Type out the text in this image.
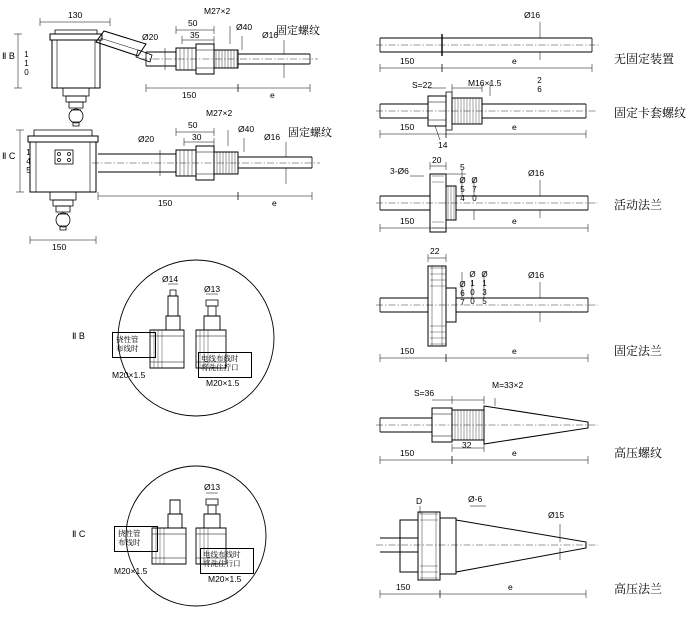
130
Ⅱ B 110
50
35
M27×2
Ø20
Ø40
Ø16
150	e
固定螺纹
Ⅱ C 145
150
50
30
M27×2
Ø20
Ø40
Ø16
150	e
固定螺纹
Ⅱ B
Ø14
Ø13
M20×1.5
M20×1.5
挠性管
布线时
电线布线时
将洗住拧口
Ⅱ C
Ø13
M20×1.5
M20×1.5
挠性管
布线时
电线布线时
将洗住行口
Ø16
150	e	无固定装置
S=22	M16×1.5	26
150
14
e
固定卡套螺纹
3-Ø6
20
5
Ø16
Ø54 Ø70
150	e
活动法兰
22
Ø16
Ø67 Ø100 Ø135
150	e	固定法兰
S=36
M=33×2
32
150	e	高压螺纹
Ø-6
D
Ø15
150	e	高压法兰
